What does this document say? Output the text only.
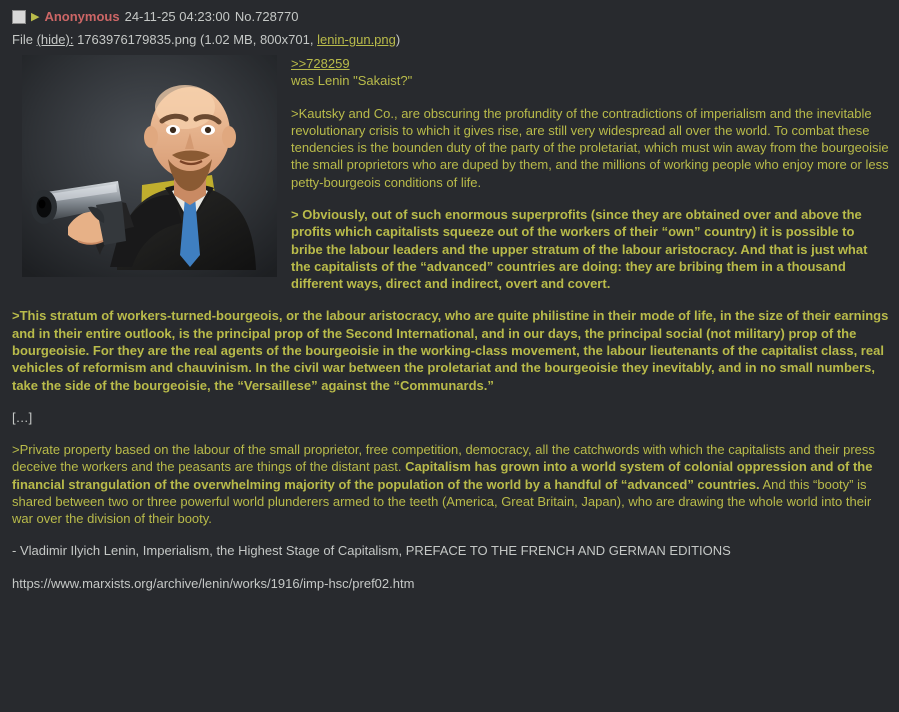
▶ Anonymous 24-11-25 04:23:00 No.728770
File (hide): 1763976179835.png (1.02 MB, 800x701, lenin-gun.png)

>>728259
was Lenin "Sakaist?"

>Kautsky and Co., are obscuring the profundity of the contradictions of imperialism and the inevitable revolutionary crisis to which it gives rise, are still very widespread all over the world. To combat these tendencies is the bounden duty of the party of the proletariat, which must win away from the bourgeoisie the small proprietors who are duped by them, and the millions of working people who enjoy more or less petty-bourgeois conditions of life.

> Obviously, out of such enormous superprofits (since they are obtained over and above the profits which capitalists squeeze out of the workers of their “own” country) it is possible to bribe the labour leaders and the upper stratum of the labour aristocracy. And that is just what the capitalists of the “advanced” countries are doing: they are bribing them in a thousand different ways, direct and indirect, overt and covert.

>This stratum of workers-turned-bourgeois, or the labour aristocracy, who are quite philistine in their mode of life, in the size of their earnings and in their entire outlook, is the principal prop of the Second International, and in our days, the principal social (not military) prop of the bourgeoisie. For they are the real agents of the bourgeoisie in the working-class movement, the labour lieutenants of the capitalist class, real vehicles of reformism and chauvinism. In the civil war between the proletariat and the bourgeoisie they inevitably, and in no small numbers, take the side of the bourgeoisie, the “Versaillese” against the “Communards.”

[…]

>Private property based on the labour of the small proprietor, free competition, democracy, all the catchwords with which the capitalists and their press deceive the workers and the peasants are things of the distant past. Capitalism has grown into a world system of colonial oppression and of the financial strangulation of the overwhelming majority of the population of the world by a handful of “advanced” countries. And this “booty” is shared between two or three powerful world plunderers armed to the teeth (America, Great Britain, Japan), who are drawing the whole world into their war over the division of their booty.

- Vladimir Ilyich Lenin, Imperialism, the Highest Stage of Capitalism, PREFACE TO THE FRENCH AND GERMAN EDITIONS

https://www.marxists.org/archive/lenin/works/1916/imp-hsc/pref02.htm
